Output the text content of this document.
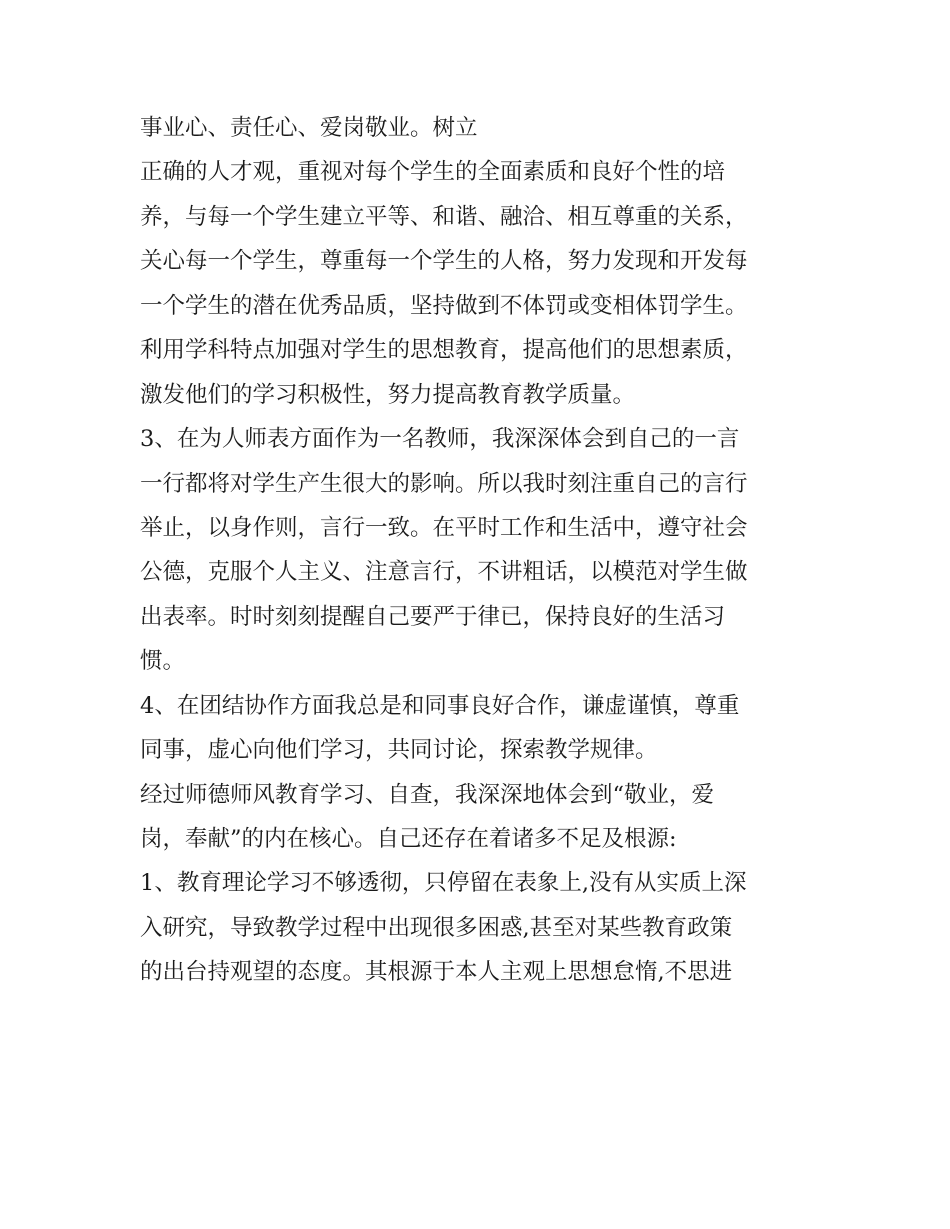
事业心、责任心、爱岗敬业。树立
正确的人才观，重视对每个学生的全面素质和良好个性的培
养，与每一个学生建立平等、和谐、融洽、相互尊重的关系，
关心每一个学生，尊重每一个学生的人格，努力发现和开发每
一个学生的潜在优秀品质，坚持做到不体罚或变相体罚学生。
利用学科特点加强对学生的思想教育，提高他们的思想素质，
激发他们的学习积极性，努力提高教育教学质量。
3、在为人师表方面作为一名教师，我深深体会到自己的一言
一行都将对学生产生很大的影响。所以我时刻注重自己的言行
举止，以身作则，言行一致。在平时工作和生活中，遵守社会
公德，克服个人主义、注意言行，不讲粗话，以模范对学生做
出表率。时时刻刻提醒自己要严于律已，保持良好的生活习
惯。
4、在团结协作方面我总是和同事良好合作，谦虚谨慎，尊重
同事，虚心向他们学习，共同讨论，探索教学规律。
经过师德师风教育学习、自查，我深深地体会到“敬业，爱
岗，奉献”的内在核心。自己还存在着诸多不足及根源:
1、教育理论学习不够透彻，只停留在表象上,没有从实质上深
入研究，导致教学过程中出现很多困惑,甚至对某些教育政策
的出台持观望的态度。其根源于本人主观上思想怠惰,不思进
